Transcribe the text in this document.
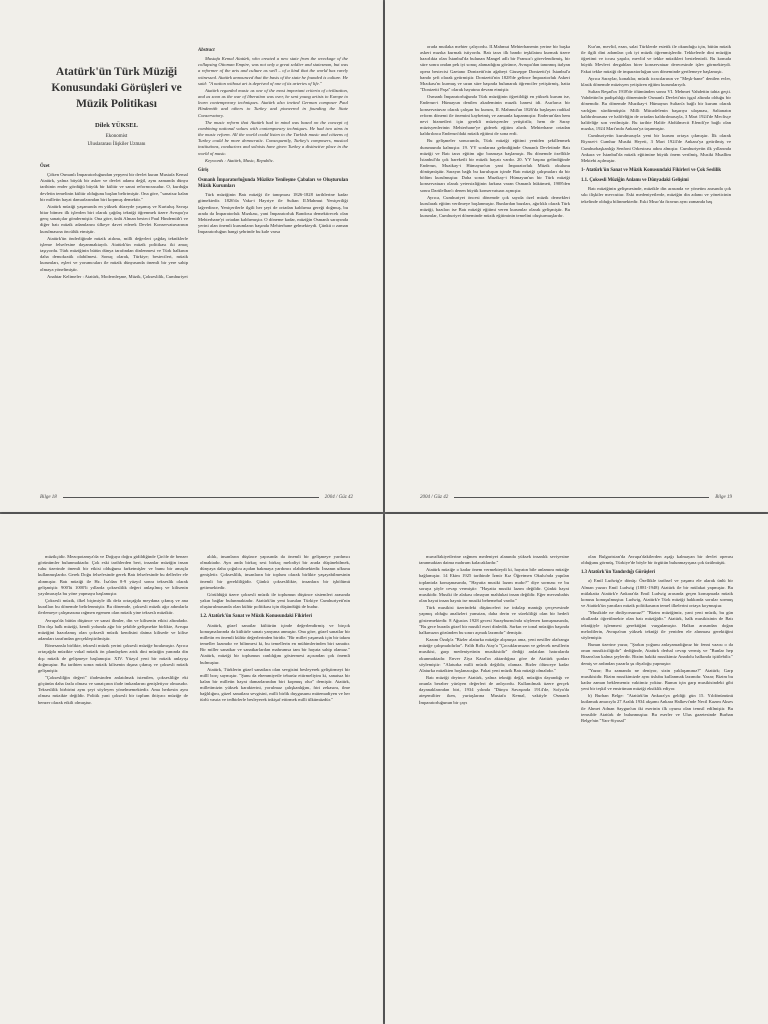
Atatürk'ün Türk Müziği Konusundaki Görüşleri ve Müzik Politikası
Dilek YÜKSEL
Ekonomist
Uluslararası İlişkiler Uzmanı
Özet

Çöken Osmanlı İmparatorluğundan yepyeni bir devlet kuran Mustafa Kemal Atatürk, yalnız büyük bir asker ve devlet adamı değil, aynı zamanda dünya tarihinin ender gördüğü büyük bir kültür ve sanat reformcusudur. O, kurduğu devletin temelinin kültür olduğunu başlan belirtmiştir. Ona göre, "sanatsız kalan bir milletin hayat damarlarından biri kopmuş demektir."

Atatürk müziği yaşamında en yüksek düzeyde yaşamış ve Kurtuluş Savaşı bitar bitmez ilk işlerden biri olarak çağdaş tekniği öğrenmek üzere Avrupa'ya genç sanatçılar göndermiştir. Ona göre, ünlü Alman besteci Paul Hindemith'i ve diğer batı müzik adamlarını ülkeye davet ederek Devlet Konservatuvarının kurulmasına öncülük etmiştir.

Atatürk'ün önderliğinde müzik atılımı, milli değerleri çağdaş tekniklerle işleme felsefesine dayanmaktaydı. Atatürk'ün müzik politikası iki amaç taşıyordu. Türk müziğinin bütün dünya tarafından dinlenmesi ve Türk halkının daha demokratik olabilmesi. Sonuç olarak, Türkiye; bestecileri, müzik kurumları, eşleri ve yorumcuları ile müzik dünyasında önemli bir yere sahip olmaya yöneltmiştir.

Anahtar Kelimeler : Atatürk, Modernleşme, Müzik, Çokseslilik, Cumhuriyet

Abstract

Mustafa Kemal Atatürk, who created a new state from the wreckage of the collapsing Ottoman Empire, was not only a great soldier and statesman, but was a reformer of the arts and culture as well – of a kind that the world has rarely witnessed. Atatürk announced that the basis of the state he founded is culture. He said: "A nation without art is deprived of one of its arteries of life."

Atatürk regarded music as one of the most important criteria of civilization, and as soon as the war of liberation was over, he sent young artists to Europe to learn contemporary techniques. Atatürk also invited German composer Paul Hindemith and others to Turkey and pioneered in founding the State Conservatory.

The music reform that Atatürk had in mind was based on the concept of combining national values with contemporary techniques. He had two aims in the music reform. All the world could listen to the Turkish music and citizens of Turkey could be more democratic. Consequently, Turkey's composers, musical institutions, conductors and soloists have given Turkey a distinctive place in the world of music.

Keywords : Atatürk, Music, Republic.

Giriş
Osmanlı İmparatorluğunda Müzikte Yenileşme Çabaları ve Oluşturulan Müzik Kurumları

Türk müziğinin Batı müziği ile tanışması 1826-1828 tarihlerine kadar gitmektedir. 1826'da Vaka-i Hayriye ile Sultan II.Mahmut Yeniçeriliği lağvedince, Yeniçerilerle ilgili her şeyi de ortadan kaldırma gereği doğmuş, bu arada da İmparatorluk Mızıkası, yani İmparatorluk Bandosu demektirecek olan Mehterhane'yi ortadan kaldırmıştır. O döneme kadar, müziğin Osmanlı sarayında yerini alan önemli kurumların başında Mehterhane gelmekteydi. Çünkü o zaman İmparatorluğun hangi şehrinde bu kale varsa

Bilge 18	2004 / Güz 42

orada mutlaka mehter çalıyordu. II.Mahmut Mehterhanenin yerine bir başka askeri mızıka kurmak istiyordu. Batı tarzı ilk bando teşkilatını kurmak üzere hazırlıkta olan İstanbul'da bulunan Mangel adlı bir Fransız'ı görevlendirmiş, bir süre sonra ondan pek iyi sonuç alamadığını görünce, Avrupa'dan tanınmış italyan opera bestecisi Gaetano Donizetti'nin ağabeyi Giuseppe Donizetti'yi İstanbul'a bando şefi olarak getirmiştir. Donizetti'nin 1828'de gelince İmparatorluk Askeri Mızıkası'nı kurmuş ve uzun süre başında bulunarak öğrenciler yetiştirmiş, hatta "Donizetti Paşa" olarak hayatına devam etmiştir.

Osmanlı İmparatorluğunda Türk müziğinin öğretildiği en yüksek kurum ise, Enderun-i Hümayun denilen akademinin muzik lıanesi idi. Asırlarca bir konservatuvar olarak çalışan bu kurum, II. Mahmut'un 1826'da başlayan radikal reform dönemi ile önemini kaybetmiş ve zamanla kapanmıştır. Enderun'dan hem nevi hizmetleri için gerekli müzisyenler yetiştirilir, hem de Saray müzisyenlerinin Mehterhane'ye giderek eğitim alırdı. Mehterhane ortadan kaldırılınca Enderun'daki müzik eğitimi de sona erdi.

Bu gelişmeler sonucunda, Türk müziği eğitimi yeniden şekillenmek durumunda kalmıştır. 19. YY sonlarına gelindiğinde Osmanlı Devletinde Batı müziği ve Batı tarzı eğitim ağır basmaya başlamıştı. Bu dönemde özellikle İstanbul'da çok hareketli bir müzik hayatı vardır. 20. YY başına gelindiğinde Enderun, Muzikay-i Hümayun'un yani İmparatorluk Müzik okulunu dönüşmüştür. Sarayın bağlı bu kuruluşun içinde Batı müziği çalışmaları da bir bölüm kurulmuştur. Daha sonra Muzikay-i Hümayun'un bir Türk müziği konservatuarı olarak yetersizliğinin farkına varan Osmanlı hükümeti, 1908'den sonra Darülelhan'ı denen büyük konservatuarı açmıştır.

Ayrıca, Cumhuriyet öncesi dönemde çok sayıda özel müzik dernekleri kurularak eğitim verilmeye başlanmıştır. Bunlardan bazıları, ağırlıklı olarak Türk müziği, bazıları ise Batı müziği eğitimi veren kurumlar olarak gelişmiştir. Bu kurumlar, Cumhuriyet döneminde müzik eğitiminin temelini oluşturmuşlardır.

Kur'an, mevlid, ezan, salat Türklerde estetik ile okunduğu için, bütün müzik ile ilgili dini adamları çok iyi müzik öğrenmişlerdir. Tekkelerde dini müziğin öğretimi ve icrası yapılır, mevlid ve tekke müzikleri bestelenirdi. Bu konuda büyük Mevlevi dergahları birer konservatuar derecesinde işlev görmekteydi. Fakat tekke müziği de imparatorluğun son döneminde gerilemeye başlamıştı.

Ayrıca Saraylar, konaklar, müzik icracılarının ve "Meşk-hane" denilen evler, klasik dönemde müzisyen yetiştiren eğitim kurumlarıydı.

Sultan Reşad'ın 1918'de ölümünden sonra VI. Mehmet Vahdettin tahta geçti. Vahdettin'in padişahlığı döneminde Osmanlı Devleti'nin işgal altında olduğu bir dönemdir. Bu dönemde Muzikay-i Hümayun Sultan'a bağlı bir kurum olarak varlığını sürdürmüştür. Milli Mücadelenin başarıya ulaşması, Saltanatın kaldırılmasına ve halifeliğin de ortadan kaldırılmasıyla, 3 Mart 1924'de Meclisçe halifeliğe son verilmiştir. Bu tarihte Halife Abdülmecit Efendi'ye bağlı olan mızıka, 1924 Mart'ında Ankara'ya taşınmıştır.

Cumhuriyetin kurulmasıyla yeni bir kurum ortaya çıkmıştır. İlk olarak Riyaset-i Cumhur Musiki Heyeti, 3 Mart 1924'de Ankara'ya getirilmiş ve Cumhurbaşkanlığı Senfoni Orkestrası adını almıştır. Cumhuriyetin ilk yıllarında Ankara ve İstanbul'da müzik eğitimine büyük önem verilmiş, Musiki Muallim Mektebi açılmıştır.

1- Atatürk'ün Sanat ve Müzik Konusundaki Fikirleri ve Çok Seslilik
1.1. Çoksesli Müziğin Anlamı ve Dünyadaki Gelişimi

Batı müziğinin gelişmesinde, müzikle din arasında ve yönetim arasında çok sıkı ilişkiler mevcuttur. Eski medeniyetlerde, müziğin din adamı ve yöneticinin tekelinde olduğu bilinmektedir. Eski Mısır'da firavun aynı zamanda baş

2004 / Güz 42	Bilge 19

müzikçidir. Mezopotamya'da ve Doğuya doğru gidildiğinde Çin'de de benzer görünümler bulunmaktadır. Çok eski tarihlerden beri, insanlar müziğin insan ruhu üzerinde önemli bir etkisi olduğunu farketmişler ve bunu bir amaçla kullanmışlardır. Gerek Doğu felsefesinde gerek Batı felsefesinde bu dellerler ele alınmıştır. Batı müziği ile Hz. İsa'dan 8-9 yüzyıl sonra tekseslik olarak gelişmiştir. 900'lü 1000'li yıllarda çokseslilik değeri anlaşılmış ve kilisenin yayılmasıyla bu yöne yapmaya başlamıştır.

Çoksesli müzik, ilkel biçimiyle ilk defa ortaçağda meydana çıkmış ve ana kuralları bu dönemde belirlenmiştir. Bu dönemde, çoksesli müzik ağır adımlarla ilerlemeye çalışmasına rağmen egemen olan müzik yine tekseslı müziktir.

Avrupa'da bütün düşünce ve sanat ilimler, din ve kilisenin etkisi altındadır. Din dışı halk müziği, kendi yolunda ağır bir şekilde gelişmekte birlikte, Avrupa müziğini hazırlamış olan çoksesli müzik kendisini daima kilisede ve kilise adamları tarafından gerçekleştirilmiştir.

Rönesansla birlikte, teksesli müzik yerini çoksesli müziğe bırakmıştır. Ayrıca ortaçağda müzikte vokal müzik ön plandayken artık dini müziğin yanında din dışı müzik de gelişmeye başlamıştır. XIV. Yüzyıl yeni bir müzik anlayışı doğmuştur. Bu tarihten sonra müzik kilisenin dışına çıkmış ve çoksesli müzik gelişmiştir.

"Çokseslilğin değeri" ifadesinden anlatılmak istenilen, çoksesliliğe eki göçünün daha fazla olması ve sanatçının ifade imkanlarını genişletiyor olmasıdır. Tekseslilik birbirini aynı şeyi söyleyen yönelmemektedir. Ama herkesin aynı olması müzikte değildir. Politik yani çoksesli bir toplum ihtiyacı müziğe de benzer olarak etkili olmuştur.

alılık, insanların düşünce yapısında da önemli bir gelişmeye yardımcı olmaktadır. Ayrı anda birkaç sesi birkaç melodiyi bir arada düşünebilmek, dünyaya daha çoğulcu açıdan bakmaya yardımcı olabilmektedir. İnsanın ufkunu genişletir. Çokseslilik, insanların bir toplum olarak birlikte yaşayabilmesinin önemli bir gerekliliğidir. Çünkü çokseslilikte, insanlara bir işbölümü getirmektedir.

Görüldüğü üzere çoksesli müzik ile toplumun düşünce sistemleri arasında yakın bağlar bulunmaktadır. Atatürk'ün yeni kurulan Türkiye Cumhuriyeti'nin oluşturulmasında olan kültür politikası için düşündüğü de budur.

1.2. Atatürk'ün Sanat ve Müzik Konusundaki Fikirleri

Atatürk, güzel sanatlar kültürün içinde değerlendirmiş ve birçok konuşmalarında da kültürle sanatı yanyana anmıştır. Ona göre, güzel sanatlar bir milletin en önemli kültür değerlerinden biridir. "Bir millet yaşamak için bir takım temeller lazımdır ve bilinmesi ki, bu temellerin en mühimlerinden biri sanattır. Bir miller sanatkar ve sanatkarlardan mahrumsa tam bir hayata sahip olamaz." Atatürk, müziği bir toplumun canlılığını göstermesi açısından çok önemli bulmuştur.

Atatürk, Türklerin güzel sanatlara olan sevgisini besleyerek geliştirmeyi bir millî borç saymıştır. "Şunu da ehemmiyetle tebarüz ettirmeliyim ki, sanatsız bir kalan bir milletin hayat damarlarından biri kopmuş olur" demiştir. Atatürk, milletimizin yüksek karakterini, yorulmaz çalışkanlığını, fıtri zekasını, ilme bağlılığını, güzel sanatlara sevgisini, milli birlik duygusunu mütemadiyen ve her türlü vasıta ve tedbirlerle besleyerek inkişaf ettirmek milli ülkümüzdür."

muvaffakiyetlerine rağmen medeniyet alanında yüksek insanlık seviyesine tanınmaktan daima mahrum kalacaklardır."

Atatürk müziğe o kadar önem vermekteydi ki, hayatın bile anlamını müziğe bağlamıştır. 14 Ekim 1925 tarihinde İzmir Kız Öğretmen Okulu'nda yapılan toplantıda konuşmasında, "Hayatta musiki lazım mıdır?" diye sorması ve bu soruya şöyle cevap vermiştir: "Hayatta musiki lazım değildir. Çünkü hayat musikidir. Musiki ile alakası olmayan mahlukat insan değildir. Eğer mevzubahis olan hayat insan hayatı ise musiki behemehal vardır."

Türk musikisi üzerindeki düşünceleri ise inkılap mantığı çerçevesinde yapmış olduğu analizleri yansıtan, daha derin ve sürekliliği olan bir hedefi göstermektedir. 8 Ağustos 1928 gecesi Sarayburnu'nda söylenen konuşmasında, "Bu gece burada güzel bir musikî eseri dinledik. Sarkın ve tonal müziğin başında halkımızın gözünden bu sınırı açmak lazımdır" demiştir.

Kazım Özalp'a "Bizler alaturka müziğe alışmışız ama, yeni nesiller alafranga müziğe çalışmalıdırlar". Falih Rıfkı Atay'a "Çocuklarımızın ve gelecek nesillerin musikisi, garp medeniyetinin musikisidir" dediği anlatılan hatıralarda okunmaktadır. Enver Ziya Karal'ın aktardığına göre de Atatürk şunları söylemiştir: "Alaturka milli müzik değildir, olamaz. Bizler ölünceye kadar Alaturka müzikten hoşlanacağız. Fakat yeni müzik Batı müziği olmalıdır."

Batı müziği deyince Atatürk, yalnız tekniği değil, müziğin dayandığı ve onunla beraber yürüyen değerleri de anlıyordu. Kullanılmak üzere gerçek dayanaklarından biri, 1934 yılında "Dünya Savaşında 1914'de, Sofya'da ateşemiliter iken, yurtaşlarına Mustafa Kemal, vaktiyle Osmanlı İmparatorluğunun bir çayı

olan Bulgaristan'da Avrupa'dakilerden aşağı kalmayan bir devlet operası olduğunu görmüş, Türkiye'de böyle bir örgütün bulunmayışına çok üzülmüştü.

1.3 Atatürk'ün Yandırdığı Görüşleri

a) Emil Ludwig'e dönüş: Özellikle tarihsel ve yaşamı ele alarak ünlü bir Alman yazarı Emil Ludwig (1881-1948) Atatürk ile bir mülakat yapmıştır. Bu mülakatta Atatürk'e Ankara'da Emil Ludwig arasında geçen konuşmada müzik konusu konuşulmuştur. Ludwig, Atatürk'e Türk müziği hakkında sorular sormuş ve Atatürk'ün yanıtları müzik politikasının temel ilkelerini ortaya koymuştur.

"Musikide ne dinliyorsunuz?" "Bizim müziğimiz, yani yeni müzik, bu gün okullarda öğretilmekte olan batı müziğidir." Atatürk, halk musikisinin de Batı tekniğiyle işlenmesi gerektiğini vurgulamıştır. Halkın arasından doğan melodilerin, Avrupa'nın yüksek tekniği ile yeniden ele alınması gerektiğini söylemiştir.

Bunun üzerine yazar, "Şarkın yoğunu anlayamadığınız bir fenni vazısı o da onun musikiciliğidir" dediğinde, Atatürk derhal cevap vermiş ve "Bunlar hep Bizans'tan kalma şeylerdir. Bizim hakiki musikimiz Anadolu halkında işitilebilir." demiş ve ardından yazarla şu diyaloğu yapmıştır:

"Yazar; Bu zamanda ne deniyor, sizin yaklaşımınız?" Atatürk; Garp musikisidir. Bizim musikimizde aynı üslubu kullanmak lazımdır. Yazar; Bizim bu kadar zaman beklememiz vaktimiz yoktur. Bunun için garp musikisindeki gibi yeni bir teşkil ve enstrüman müziği eksiklik ediyor.

b) Burhan Belge: "Atatürk'ün Ankara'ya geldiği gün 15. Yıldönümünü kutlamak amacıyla 27 Aralık 1934 akşamı Ankara Halkevi'nde Necil Kazım Akses ile Ahmet Adnan Saygun'un iki eserinin ilk oyunu olan temsil edilmiştir. Bu temsilde Atatürk de bulunmuştur. Bu eserler ve Ulus gazetesinde Burhan Belge'nin "Yarı-Siyasal"
